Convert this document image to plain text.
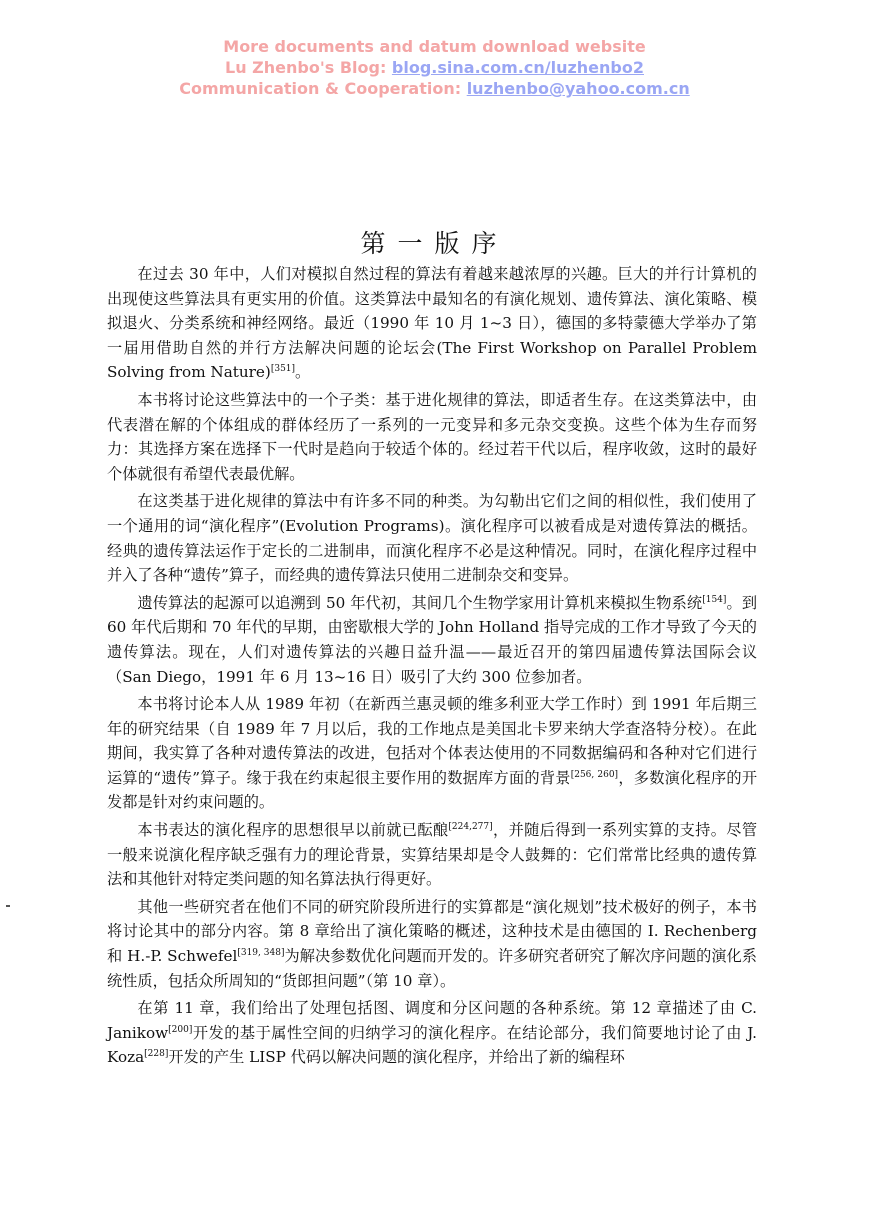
More documents and datum download website
Lu Zhenbo's Blog: blog.sina.com.cn/luzhenbo2
Communication & Cooperation: luzhenbo@yahoo.com.cn
第一版序

在过去 30 年中，人们对模拟自然过程的算法有着越来越浓厚的兴趣。巨大的并行计算机的出现使这些算法具有更实用的价值。这类算法中最知名的有演化规划、遗传算法、演化策略、模拟退火、分类系统和神经网络。最近（1990 年 10 月 1~3 日），德国的多特蒙德大学举办了第一届用借助自然的并行方法解决问题的论坛会(The First Workshop on Parallel Problem Solving from Nature)[351]。

本书将讨论这些算法中的一个子类：基于进化规律的算法，即适者生存。在这类算法中，由代表潜在解的个体组成的群体经历了一系列的一元变异和多元杂交变换。这些个体为生存而努力：其选择方案在选择下一代时是趋向于较适个体的。经过若干代以后，程序收敛，这时的最好个体就很有希望代表最优解。

在这类基于进化规律的算法中有许多不同的种类。为勾勒出它们之间的相似性，我们使用了一个通用的词“演化程序”(Evolution Programs)。演化程序可以被看成是对遗传算法的概括。经典的遗传算法运作于定长的二进制串，而演化程序不必是这种情况。同时，在演化程序过程中并入了各种“遗传”算子，而经典的遗传算法只使用二进制杂交和变异。

遗传算法的起源可以追溯到 50 年代初，其间几个生物学家用计算机来模拟生物系统[154]。到 60 年代后期和 70 年代的早期，由密歇根大学的 John Holland 指导完成的工作才导致了今天的遗传算法。现在，人们对遗传算法的兴趣日益升温——最近召开的第四届遗传算法国际会议（San Diego，1991 年 6 月 13~16 日）吸引了大约 300 位参加者。

本书将讨论本人从 1989 年初（在新西兰惠灵顿的维多利亚大学工作时）到 1991 年后期三年的研究结果（自 1989 年 7 月以后，我的工作地点是美国北卡罗来纳大学查洛特分校）。在此期间，我实算了各种对遗传算法的改进，包括对个体表达使用的不同数据编码和各种对它们进行运算的“遗传”算子。缘于我在约束起很主要作用的数据库方面的背景[256, 260]，多数演化程序的开发都是针对约束问题的。

本书表达的演化程序的思想很早以前就已酝酿[224,277]，并随后得到一系列实算的支持。尽管一般来说演化程序缺乏强有力的理论背景，实算结果却是令人鼓舞的：它们常常比经典的遗传算法和其他针对特定类问题的知名算法执行得更好。

其他一些研究者在他们不同的研究阶段所进行的实算都是“演化规划”技术极好的例子，本书将讨论其中的部分内容。第 8 章给出了演化策略的概述，这种技术是由德国的 I. Rechenberg 和 H.-P. Schwefel[319, 348]为解决参数优化问题而开发的。许多研究者研究了解次序问题的演化系统性质，包括众所周知的“货郎担问题”（第 10 章）。

在第 11 章，我们给出了处理包括图、调度和分区问题的各种系统。第 12 章描述了由 C. Janikow[200]开发的基于属性空间的归纳学习的演化程序。在结论部分，我们简要地讨论了由 J. Koza[228]开发的产生 LISP 代码以解决问题的演化程序，并给出了新的编程环
